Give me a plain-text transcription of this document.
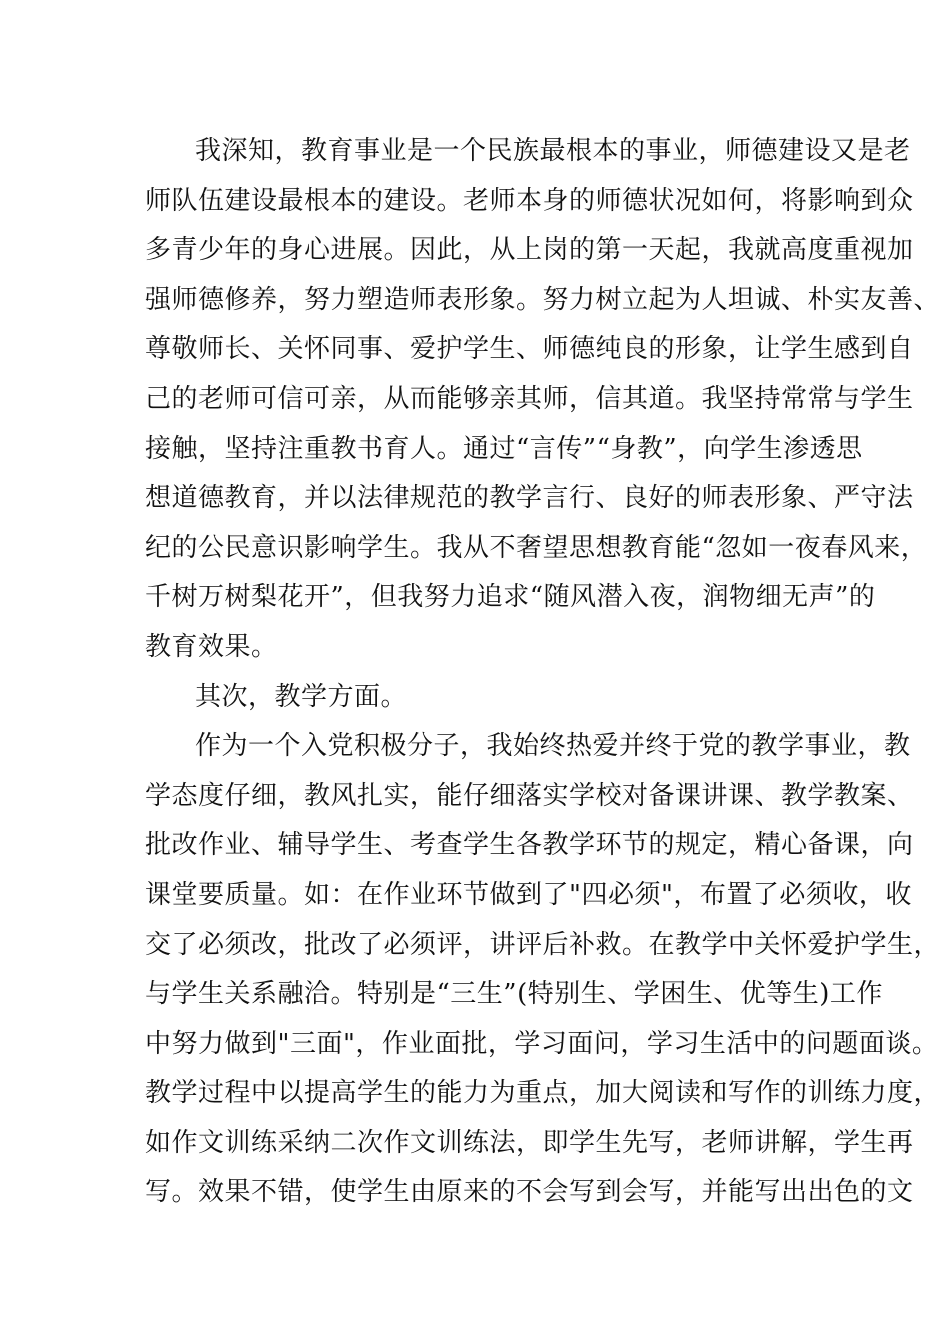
我深知，教育事业是一个民族最根本的事业，师德建设又是老
师队伍建设最根本的建设。老师本身的师德状况如何，将影响到众
多青少年的身心进展。因此，从上岗的第一天起，我就高度重视加
强师德修养，努力塑造师表形象。努力树立起为人坦诚、朴实友善、
尊敬师长、关怀同事、爱护学生、师德纯良的形象，让学生感到自
己的老师可信可亲，从而能够亲其师，信其道。我坚持常常与学生
接触，坚持注重教书育人。通过“言传”“身教”，向学生渗透思
想道德教育，并以法律规范的教学言行、良好的师表形象、严守法
纪的公民意识影响学生。我从不奢望思想教育能“忽如一夜春风来，
千树万树梨花开”，但我努力追求“随风潜入夜，润物细无声”的
教育效果。
其次，教学方面。
作为一个入党积极分子，我始终热爱并终于党的教学事业，教
学态度仔细，教风扎实，能仔细落实学校对备课讲课、教学教案、
批改作业、辅导学生、考查学生各教学环节的规定，精心备课，向
课堂要质量。如：在作业环节做到了"四必须"，布置了必须收，收
交了必须改，批改了必须评，讲评后补救。在教学中关怀爱护学生，
与学生关系融洽。特别是“三生”(特别生、学困生、优等生)工作
中努力做到"三面"，作业面批，学习面问，学习生活中的问题面谈。
教学过程中以提高学生的能力为重点，加大阅读和写作的训练力度，
如作文训练采纳二次作文训练法，即学生先写，老师讲解，学生再
写。效果不错，使学生由原来的不会写到会写，并能写出出色的文
